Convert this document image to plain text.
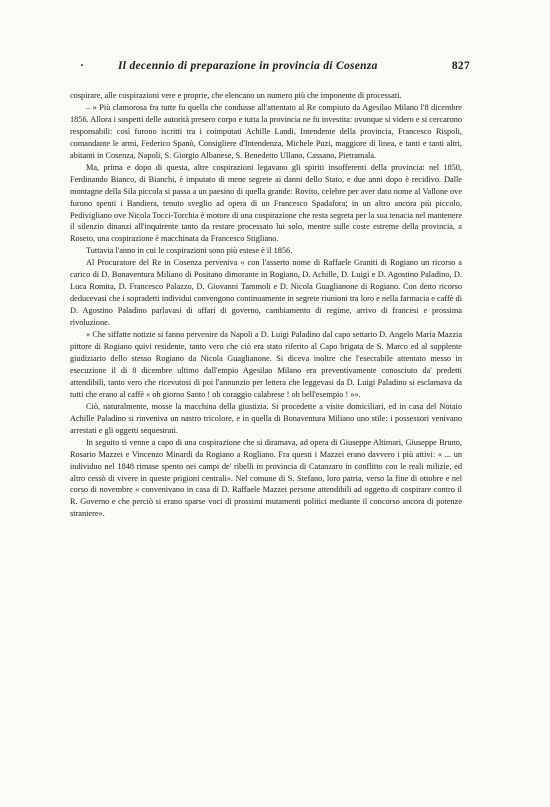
·	Il decennio di preparazione in provincia di Cosenza	827

cospirare, alle cospirazioni vere e proprie, che elencano un numero più che imponente di processati.

– » Più clamorosa fra tutte fu quella che condusse all'attentato al Re compiuto da Agesilao Milano l'8 dicembre 1856. Allora i sospetti delle autorità presero corpo e tutta la provincia ne fu investita: ovunque si videro e si cercarono responsabili: così furono iscritti tra i coimputati Achille Landi, Intendente della provincia, Francesco Rispoli, comandante le armi, Federico Spanò, Consigliere d'Intendenza, Michele Puzi, maggiore di linea, e tanti e tanti altri, abitanti in Cosenza, Napoli, S. Giorgio Albanese, S. Benedetto Ullano, Cassano, Pietramala.

Ma, prima e dopo di questa, altre cospirazioni legavano gli spiriti insofferenti della provincia: nel 1850, Ferdinando Bianco, di Bianchi, è imputato di mene segrete ai danni dello Stato, e due anni dopo è recidivo. Dalle montagne della Sila piccola si passa a un paesino di quella grande: Rovito, celebre per aver dato nome al Vallone ove furono spenti i Bandiera, tenuto sveglio ad opera di un Francesco Spadafora; in un altro ancora più piccolo, Pedivigliano ove Nicola Tocci-Torchia è motore di una cospirazione che resta segreta per la sua tenacia nel mantenere il silenzio dinanzi all'inquirente tanto da restare processato lui solo, mentre sulle coste estreme della provincia, a Roseto, una cospirazione è macchinata da Francesco Stigliano.

Tuttavia l'anno in cui le cospirazioni sono più estese è il 1856.

Al Procuratore del Re in Cosenza perveniva « con l'asserto nome di Raffaele Graniti di Rogiano un ricorso a carico di D. Bonaventura Miliano di Positano dimorante in Rogiano, D. Achille, D. Luigi e D. Agostino Paladino, D. Luca Romita, D. Francesco Palazzo, D. Giovanni Tammoli e D. Nicola Guaglianone di Rogiano. Con detto ricorso deducevasi che i sopradetti individui convengono continuamente in segrete riunioni tra loro e nella farmacia e caffè di D. Agostino Paladino parlavasi di affari di governo, cambiamento di regime, arrivo di francesi e prossima rivoluzione.

« Che siffatte notizie si fanno pervenire da Napoli a D. Luigi Paladino dal capo settario D. Angelo Maria Mazzia pittore di Rogiano quivi residente, tanto vero che ciò era stato riferito al Capo brigata de S. Marco ed al supplente giudiziario dello stesso Rogiano da Nicola Guaglianone. Si diceva inoltre che l'esecrabile attentato messo in esecuzione il di 8 dicembre ultimo dall'empio Agesilao Milano era preventivamente conosciuto da' predetti attendibili, tanto vero che ricevutosi di poi l'annunzio per lettera che leggevasi da D. Luigi Paladino si esclamava da tutti che erano al caffè « oh giorno Santo ! oh coraggio calabrese ! oh bell'esempio ! »».

Ciò, naturalmente, mosse la macchina della giustizia. Si procedette a visite domiciliari, ed in casa del Notaio Achille Paladino si rinvenivа un nastro tricolore, e in quella di Bonaventura Miliano uno stile: i possessori venivano arrestati e gli oggetti sequestrati.

In seguito si venne a capo di una cospirazione che si diramava, ad opera di Giuseppe Altimari, Giuseppe Bruno, Rosario Mazzei e Vincenzo Minardi da Rogiano a Rogliano. Fra questi i Mazzei erano davvero i più attivi: « ... un individuo nel 1848 rimase spento nei campi de' ribelli in provincia di Catanzaro in conflitto con le reali milizie, ed altro cessò di vivere in queste prigioni centrali». Nel comune di S. Stefano, loro patria, verso la fine di ottobre e nel corso di novembre « convenivano in casa di D. Raffaele Mazzei persone attendibili ad oggetto di cospirare contro il R. Governo e che perciò si erano sparse voci di prossimi mutamenti politici mediante il concorso ancora di potenze straniere».
